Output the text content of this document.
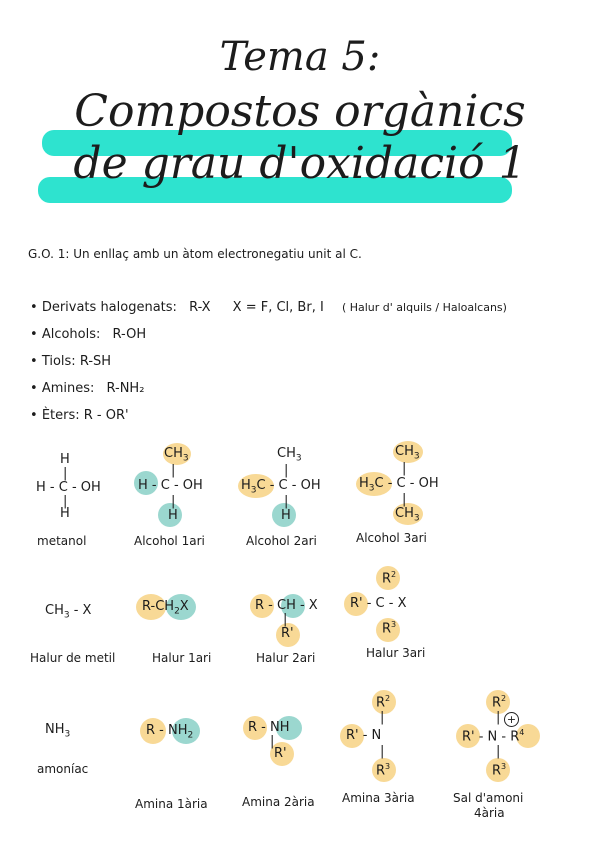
Tema 5:
Compostos orgànics
de grau d'oxidació 1
G.O. 1: Un enllaç amb un àtom electronegatiu unit al C.
• Derivats halogenats: R-X X = F, Cl, Br, I ( Halur d' alquils / Haloalcans)
• Alcohols: R-OH
• Tiols: R-SH
• Amines: R-NH₂
• Èters: R - OR'
H
|
H - C - OH
|
H
$CH_3$
|
H - C - OH
|
H
$CH_3$
|
$H_3C$ - C - OH
|
H
$CH_3$
|
$H_3C$ - C - OH
|
$CH_3$
metanol	Alcohol 1ari	Alcohol 2ari	Alcohol 3ari
$CH_3$ - X	$R-CH_2X$	R - CH - X
|
R'
$R^2$
R' - C - X
$R^3$
Halur de metil	Halur 1ari	Halur 2ari	Halur 3ari
$NH_3$	R - $NH_2$
R - NH
|
R'
$R^2$
|
R' - N
|
$R^3$
$R^2$
|
R' - N - $R^4$
|
$R^3$
+
amoníac
Amina 1ària	Amina 2ària Amina 3ària	Sal d'amoni
4ària
